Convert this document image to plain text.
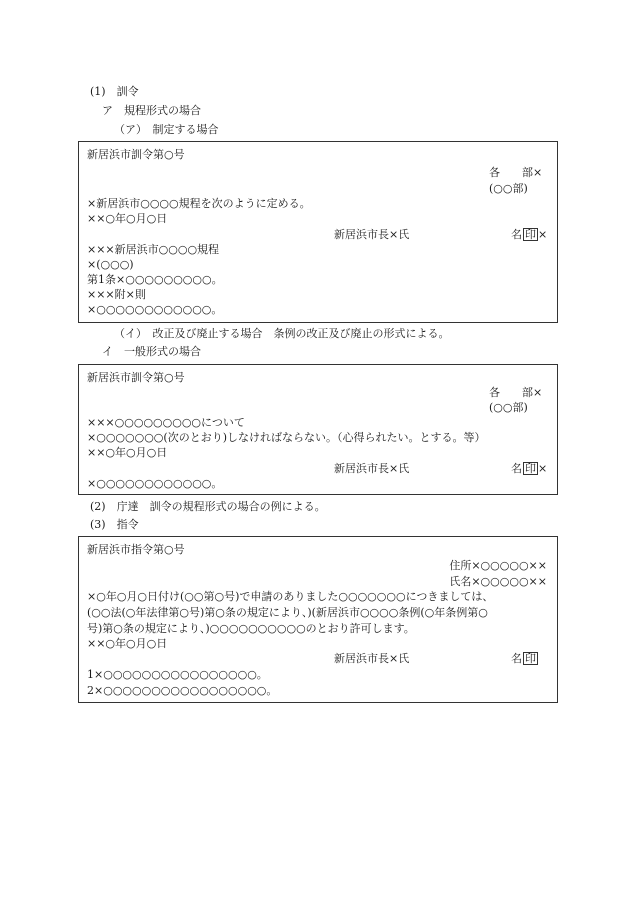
(1)　訓令
ア　規程形式の場合
（ア）　制定する場合
新居浜市訓令第○号
各　　部×
(○○部)
×新居浜市○○○○規程を次のように定める。
××○年○月○日
新居浜市長×氏	名 印 ×
×××新居浜市○○○○規程
×(○○○)
第1条×○○○○○○○○○。
×××附×則
×○○○○○○○○○○○○。
（イ）　改正及び廃止する場合　条例の改正及び廃止の形式による。
イ　一般形式の場合
新居浜市訓令第○号
各　　部×
(○○部)
×××○○○○○○○○○について
×○○○○○○○(次のとおり)しなければならない。（心得られたい。とする。等）
××○年○月○日
新居浜市長×氏	名 印 ×
×○○○○○○○○○○○○。
(2)　庁達　訓令の規程形式の場合の例による。
(3)　指令
新居浜市指令第○号
住所×○○○○○××
氏名×○○○○○××
×○年○月○日付け(○○第○号)で申請のありました○○○○○○○につきましては、
(○○法(○年法律第○号)第○条の規定により、)(新居浜市○○○○条例(○年条例第○
号)第○条の規定により、)○○○○○○○○○○のとおり許可します。
××○年○月○日
新居浜市長×氏	名 印
1×○○○○○○○○○○○○○○○○。
2×○○○○○○○○○○○○○○○○○。
